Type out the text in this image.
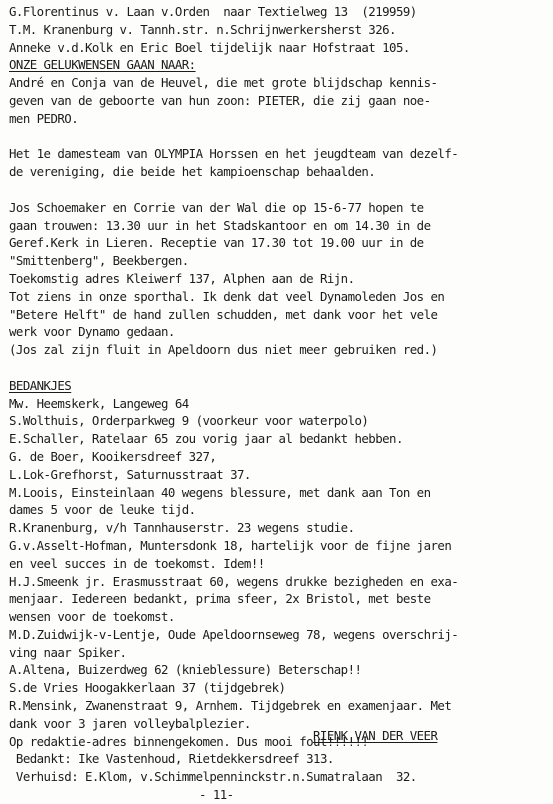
G.Florentinus v. Laan v.Orden  naar Textielweg 13  (219959)
T.M. Kranenburg v. Tannh.str. n.Schrijnwerkersherst 326.
Anneke v.d.Kolk en Eric Boel tijdelijk naar Hofstraat 105.
ONZE GELUKWENSEN GAAN NAAR:
André en Conja van de Heuvel, die met grote blijdschap kennis-
geven van de geboorte van hun zoon: PIETER, die zij gaan noe-
men PEDRO.
Het 1e damesteam van OLYMPIA Horssen en het jeugdteam van dezelf-
de vereniging, die beide het kampioenschap behaalden.
Jos Schoemaker en Corrie van der Wal die op 15-6-77 hopen te
gaan trouwen: 13.30 uur in het Stadskantoor en om 14.30 in de
Geref.Kerk in Lieren. Receptie van 17.30 tot 19.00 uur in de
"Smittenberg", Beekbergen.
Toekomstig adres Kleiwerf 137, Alphen aan de Rijn.
Tot ziens in onze sporthal. Ik denk dat veel Dynamoleden Jos en
"Betere Helft" de hand zullen schudden, met dank voor het vele
werk voor Dynamo gedaan.
(Jos zal zijn fluit in Apeldoorn dus niet meer gebruiken red.)
BEDANKJES
Mw. Heemskerk, Langeweg 64
S.Wolthuis, Orderparkweg 9 (voorkeur voor waterpolo)
E.Schaller, Ratelaar 65 zou vorig jaar al bedankt hebben.
G. de Boer, Kooikersdreef 327,
L.Lok-Grefhorst, Saturnusstraat 37.
M.Loois, Einsteinlaan 40 wegens blessure, met dank aan Ton en
dames 5 voor de leuke tijd.
R.Kranenburg, v/h Tannhauserstr. 23 wegens studie.
G.v.Asselt-Hofman, Muntersdonk 18, hartelijk voor de fijne jaren
en veel succes in de toekomst. Idem!!
H.J.Smeenk jr. Erasmusstraat 60, wegens drukke bezigheden en exa-
menjaar. Iedereen bedankt, prima sfeer, 2x Bristol, met beste
wensen voor de toekomst.
M.D.Zuidwijk-v-Lentje, Oude Apeldoornseweg 78, wegens overschrij-
ving naar Spiker.
A.Altena, Buizerdweg 62 (knieblessure) Beterschap!!
S.de Vries Hoogakkerlaan 37 (tijdgebrek)
R.Mensink, Zwanenstraat 9, Arnhem. Tijdgebrek en examenjaar. Met
dank voor 3 jaren volleybalplezier.
RIENK VAN DER VEER
Op redaktie-adres binnengekomen. Dus mooi fout!!!!!!
Bedankt: Ike Vastenhoud, Rietdekkersdreef 313.
Verhuisd: E.Klom, v.Schimmelpenninckstr.n.Sumatralaan  32.
- 11-
